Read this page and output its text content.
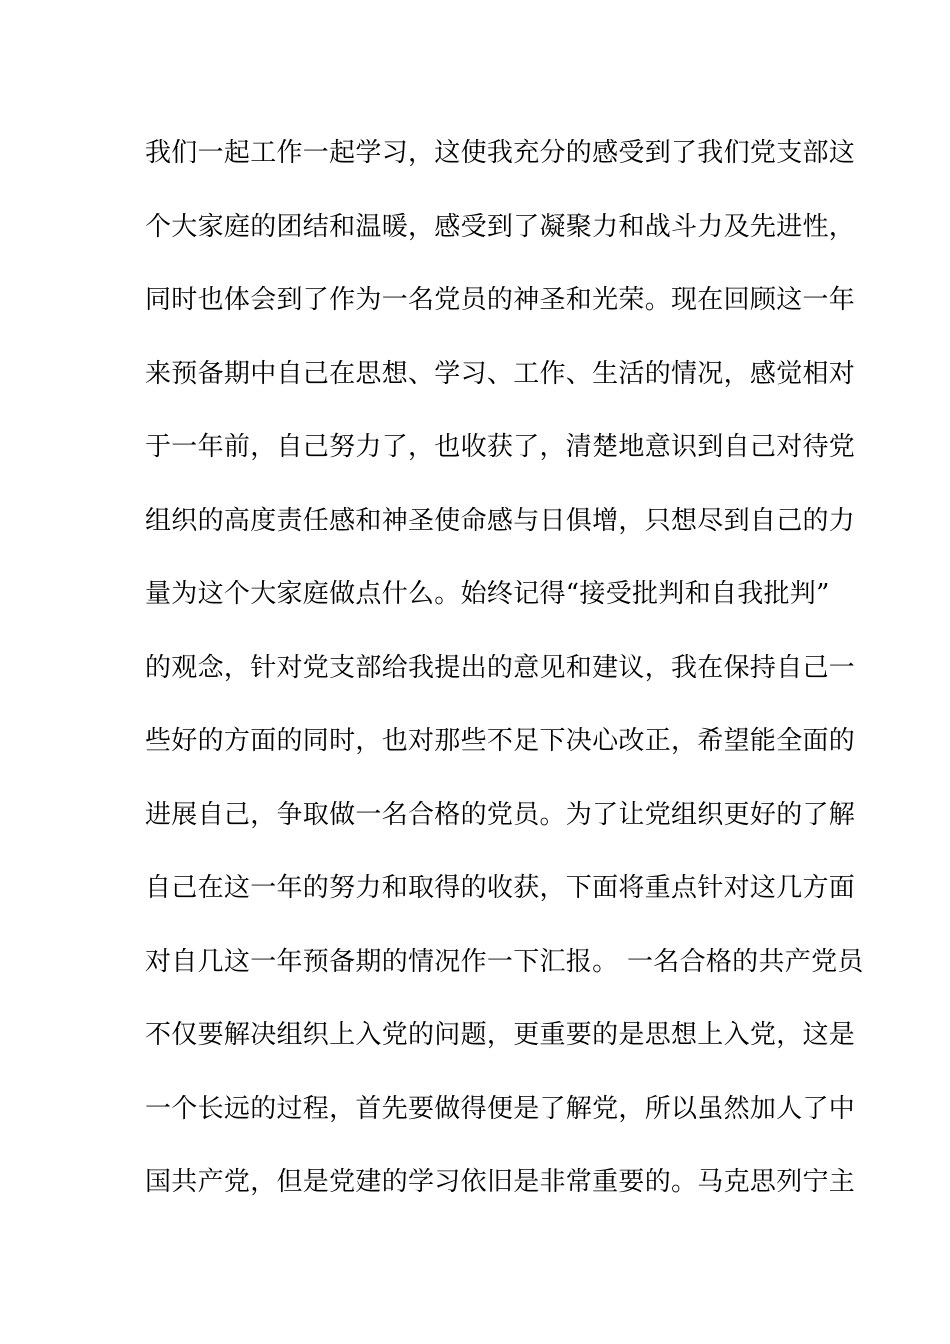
我们一起工作一起学习，这使我充分的感受到了我们党支部这
个大家庭的团结和温暖，感受到了凝聚力和战斗力及先进性，
同时也体会到了作为一名党员的神圣和光荣。现在回顾这一年
来预备期中自己在思想、学习、工作、生活的情况，感觉相对
于一年前，自己努力了，也收获了，清楚地意识到自己对待党
组织的高度责任感和神圣使命感与日俱增，只想尽到自己的力
量为这个大家庭做点什么。始终记得“接受批判和自我批判”
的观念，针对党支部给我提出的意见和建议，我在保持自己一
些好的方面的同时，也对那些不足下决心改正，希望能全面的
进展自己，争取做一名合格的党员。为了让党组织更好的了解
自己在这一年的努力和取得的收获，下面将重点针对这几方面
对自几这一年预备期的情况作一下汇报。 一名合格的共产党员
不仅要解决组织上入党的问题，更重要的是思想上入党，这是
一个长远的过程，首先要做得便是了解党，所以虽然加人了中
国共产党，但是党建的学习依旧是非常重要的。马克思列宁主
